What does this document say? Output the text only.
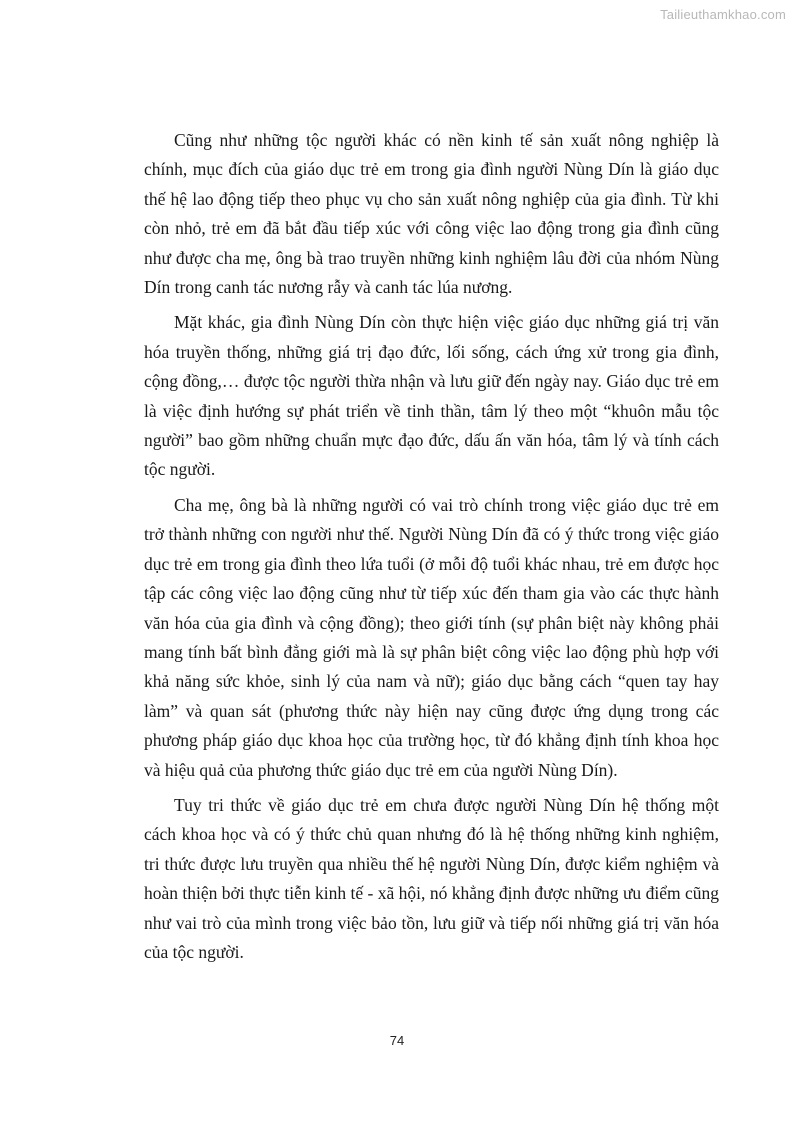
Tailieuthamkhao.com

Cũng như những tộc người khác có nền kinh tế sản xuất nông nghiệp là chính, mục đích của giáo dục trẻ em trong gia đình người Nùng Dín là giáo dục thế hệ lao động tiếp theo phục vụ cho sản xuất nông nghiệp của gia đình. Từ khi còn nhỏ, trẻ em đã bắt đầu tiếp xúc với công việc lao động trong gia đình cũng như được cha mẹ, ông bà trao truyền những kinh nghiệm lâu đời của nhóm Nùng Dín trong canh tác nương rẫy và canh tác lúa nương.

Mặt khác, gia đình Nùng Dín còn thực hiện việc giáo dục những giá trị văn hóa truyền thống, những giá trị đạo đức, lối sống, cách ứng xử trong gia đình, cộng đồng,… được tộc người thừa nhận và lưu giữ đến ngày nay. Giáo dục trẻ em là việc định hướng sự phát triển về tinh thần, tâm lý theo một “khuôn mẫu tộc người” bao gồm những chuẩn mực đạo đức, dấu ấn văn hóa, tâm lý và tính cách tộc người.

Cha mẹ, ông bà là những người có vai trò chính trong việc giáo dục trẻ em trở thành những con người như thế. Người Nùng Dín đã có ý thức trong việc giáo dục trẻ em trong gia đình theo lứa tuổi (ở mỗi độ tuổi khác nhau, trẻ em được học tập các công việc lao động cũng như từ tiếp xúc đến tham gia vào các thực hành văn hóa của gia đình và cộng đồng); theo giới tính (sự phân biệt này không phải mang tính bất bình đẳng giới mà là sự phân biệt công việc lao động phù hợp với khả năng sức khỏe, sinh lý của nam và nữ); giáo dục bằng cách “quen tay hay làm” và quan sát (phương thức này hiện nay cũng được ứng dụng trong các phương pháp giáo dục khoa học của trường học, từ đó khẳng định tính khoa học và hiệu quả của phương thức giáo dục trẻ em của người Nùng Dín).

Tuy tri thức về giáo dục trẻ em chưa được người Nùng Dín hệ thống một cách khoa học và có ý thức chủ quan nhưng đó là hệ thống những kinh nghiệm, tri thức được lưu truyền qua nhiều thế hệ người Nùng Dín, được kiểm nghiệm và hoàn thiện bởi thực tiễn kinh tế - xã hội, nó khẳng định được những ưu điểm cũng như vai trò của mình trong việc bảo tồn, lưu giữ và tiếp nối những giá trị văn hóa của tộc người.

74
